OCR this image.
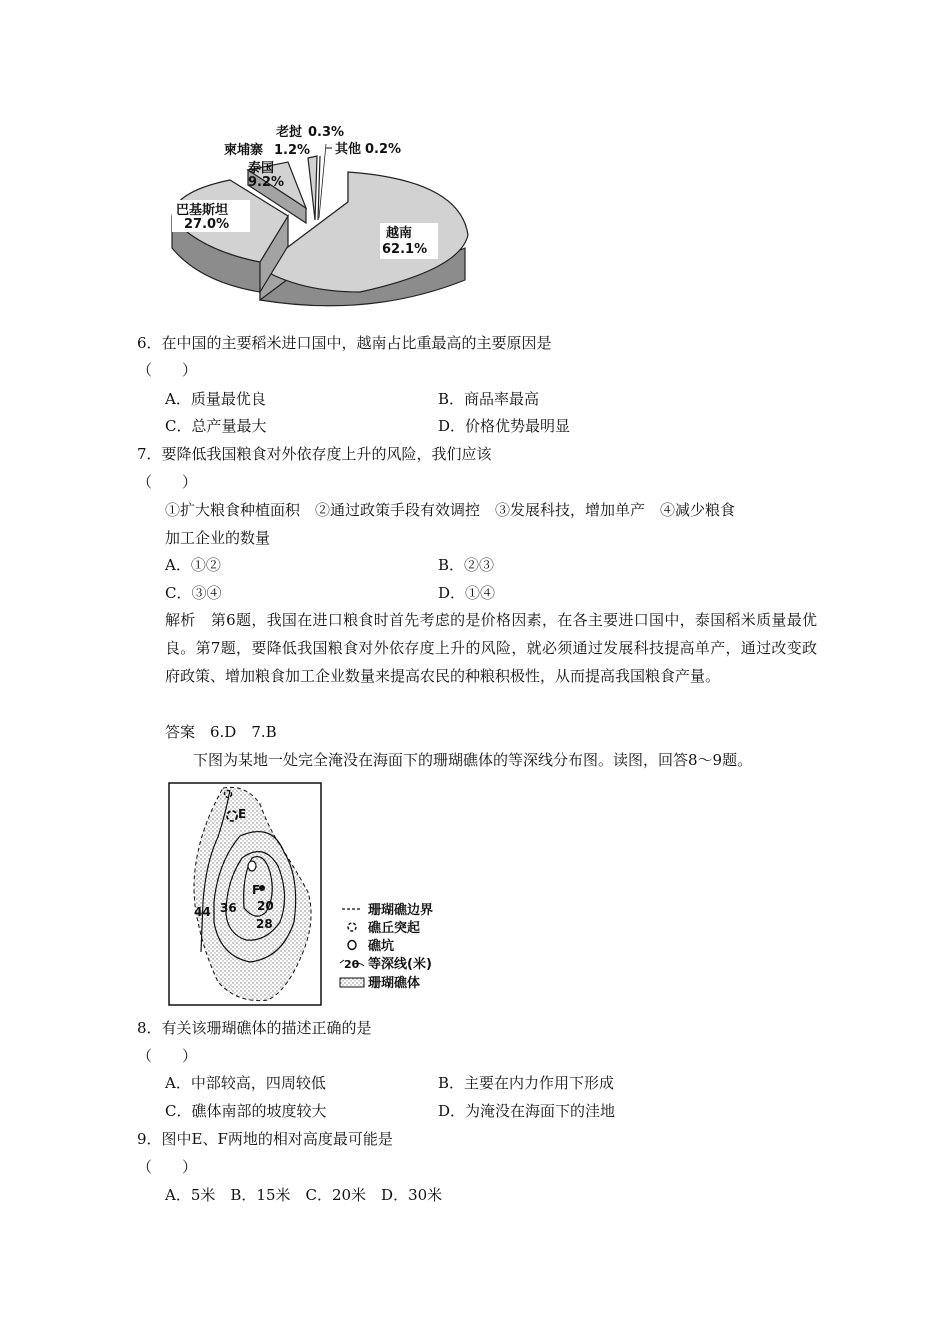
越南
62.1%
巴基斯坦
27.0%
泰国
9.2%
柬埔寨 1.2%
老挝 0.3%
其他 0.2%
6．在中国的主要稻米进口国中，越南占比重最高的主要原因是
（　　）
A．质量最优良	B．商品率最高
C．总产量最大	D．价格优势最明显
7．要降低我国粮食对外依存度上升的风险，我们应该
（　　）
①扩大粮食种植面积　②通过政策手段有效调控　③发展科技，增加单产　④减少粮食
加工企业的数量
A．①②	B．②③
C．③④	D．①④
解析　第6题，我国在进口粮食时首先考虑的是价格因素，在各主要进口国中，泰国稻米质量最优良。第7题，要降低我国粮食对外依存度上升的风险，就必须通过发展科技提高单产，通过改变政府政策、增加粮食加工企业数量来提高农民的种粮积极性，从而提高我国粮食产量。
答案　6.D　7.B
下图为某地一处完全淹没在海面下的珊瑚礁体的等深线分布图。读图，回答8～9题。
E
F
44 36 20
28
珊瑚礁边界
礁丘突起
礁坑
20 等深线(米)
珊瑚礁体
8．有关该珊瑚礁体的描述正确的是
（　　）
A．中部较高，四周较低	B．主要在内力作用下形成
C．礁体南部的坡度较大	D．为淹没在海面下的洼地
9．图中E、F两地的相对高度最可能是
（　　）
A．5米　B．15米　C．20米　D．30米
